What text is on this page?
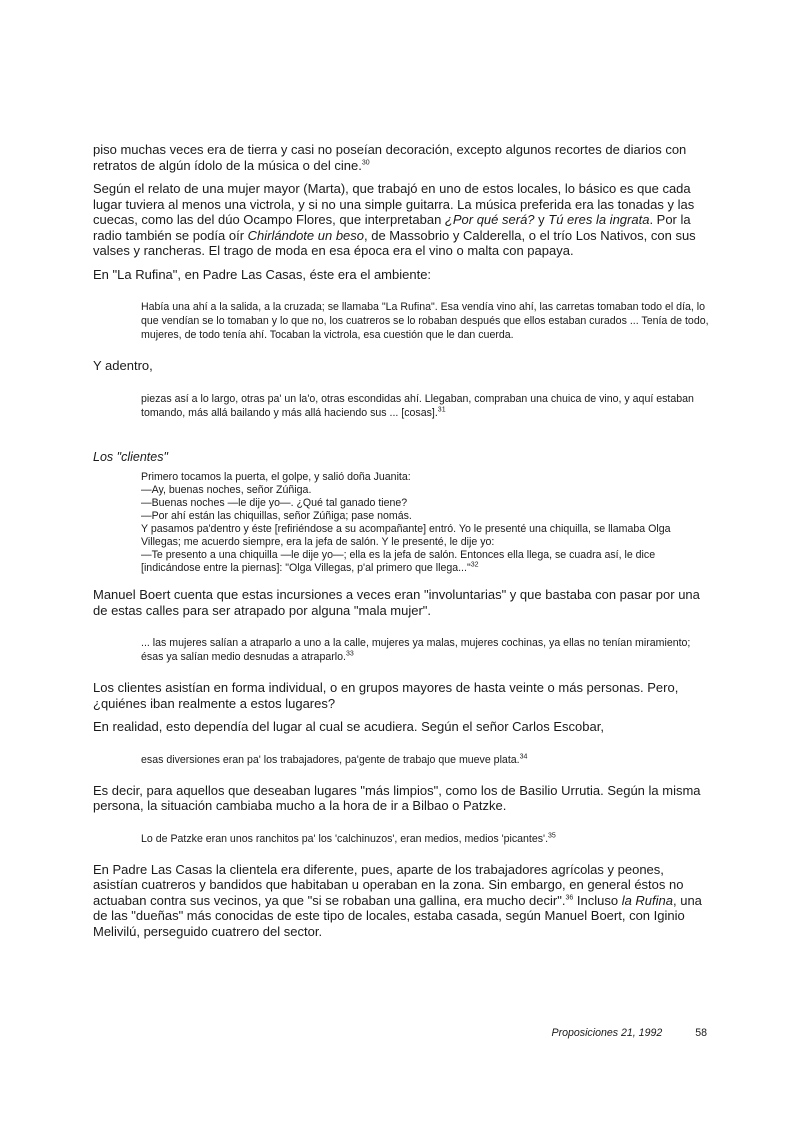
piso muchas veces era de tierra y casi no poseían decoración, excepto algunos recortes de diarios con retratos de algún ídolo de la música o del cine.$^{30}$

Según el relato de una mujer mayor (Marta), que trabajó en uno de estos locales, lo básico es que cada lugar tuviera al menos una victrola, y si no una simple guitarra. La música preferida era las tonadas y las cuecas, como las del dúo Ocampo Flores, que interpretaban ¿Por qué será? y Tú eres la ingrata. Por la radio también se podía oír Chirlándote un beso, de Massobrio y Calderella, o el trío Los Nativos, con sus valses y rancheras. El trago de moda en esa época era el vino o malta con papaya.

En "La Rufina", en Padre Las Casas, éste era el ambiente:

Había una ahí a la salida, a la cruzada; se llamaba "La Rufina". Esa vendía vino ahí, las carretas tomaban todo el día, lo que vendían se lo tomaban y lo que no, los cuatreros se lo robaban después que ellos estaban curados ... Tenía de todo, mujeres, de todo tenía ahí. Tocaban la victrola, esa cuestión que le dan cuerda.

Y adentro,

piezas así a lo largo, otras pa' un la'o, otras escondidas ahí. Llegaban, compraban una chuica de vino, y aquí estaban tomando, más allá bailando y más allá haciendo sus ... [cosas].$^{31}$

Los "clientes"

Primero tocamos la puerta, el golpe, y salió doña Juanita:

—Ay, buenas noches, señor Zúñiga.

—Buenas noches —le dije yo—. ¿Qué tal ganado tiene?

—Por ahí están las chiquillas, señor Zúñiga; pase nomás.

Y pasamos pa'dentro y éste [refiriéndose a su acompañante] entró. Yo le presenté una chiquilla, se llamaba Olga Villegas; me acuerdo siempre, era la jefa de salón. Y le presenté, le dije yo:

—Te presento a una chiquilla —le dije yo—; ella es la jefa de salón. Entonces ella llega, se cuadra así, le dice [indicándose entre la piernas]: "Olga Villegas, p'al primero que llega..."$^{32}$

Manuel Boert cuenta que estas incursiones a veces eran "involuntarias" y que bastaba con pasar por una de estas calles para ser atrapado por alguna "mala mujer".

... las mujeres salían a atraparlo a uno a la calle, mujeres ya malas, mujeres cochinas, ya ellas no tenían miramiento; ésas ya salían medio desnudas a atraparlo.$^{33}$

Los clientes asistían en forma individual, o en grupos mayores de hasta veinte o más personas. Pero, ¿quiénes iban realmente a estos lugares?

En realidad, esto dependía del lugar al cual se acudiera. Según el señor Carlos Escobar,

esas diversiones eran pa' los trabajadores, pa'gente de trabajo que mueve plata.$^{34}$

Es decir, para aquellos que deseaban lugares "más limpios", como los de Basilio Urrutia. Según la misma persona, la situación cambiaba mucho a la hora de ir a Bilbao o Patzke.

Lo de Patzke eran unos ranchitos pa' los 'calchinuzos', eran medios, medios 'picantes'.$^{35}$

En Padre Las Casas la clientela era diferente, pues, aparte de los trabajadores agrícolas y peones, asistían cuatreros y bandidos que habitaban u operaban en la zona. Sin embargo, en general éstos no actuaban contra sus vecinos, ya que "si se robaban una gallina, era mucho decir".$^{36}$ Incluso la Rufina, una de las "dueñas" más conocidas de este tipo de locales, estaba casada, según Manuel Boert, con Iginio Melivilú, perseguido cuatrero del sector.

Proposiciones 21, 1992	58
